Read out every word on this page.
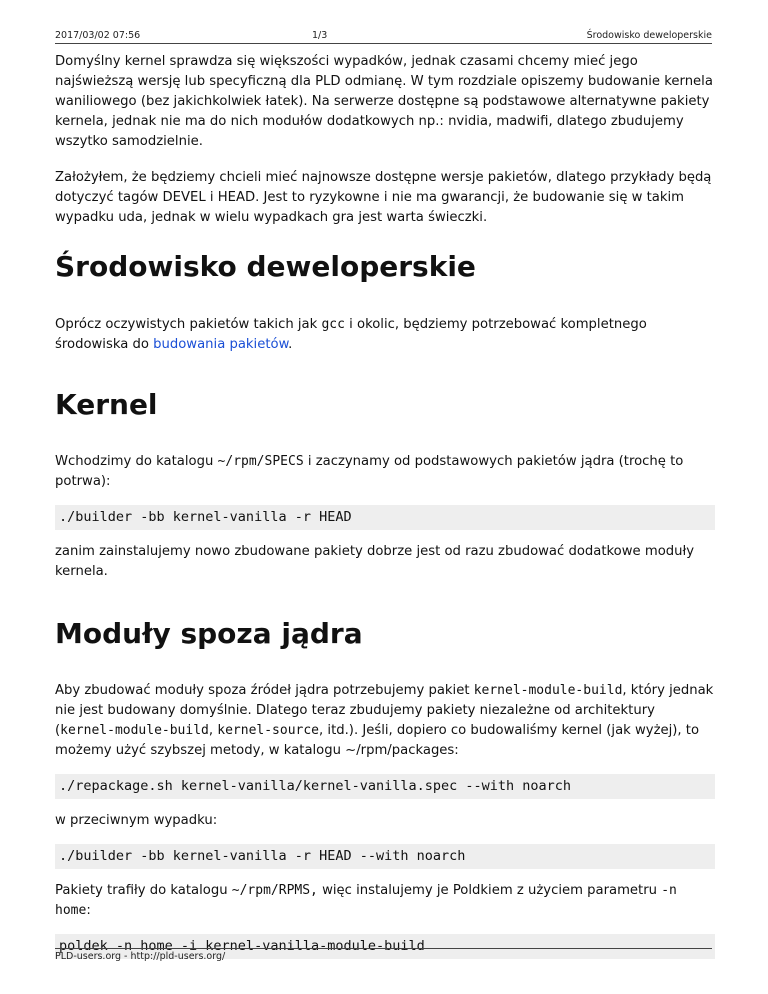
2017/03/02 07:56	1/3	Środowisko deweloperskie

Domyślny kernel sprawdza się większości wypadków, jednak czasami chcemy mieć jego najświeższą wersję lub specyficzną dla PLD odmianę. W tym rozdziale opiszemy budowanie kernela waniliowego (bez jakichkolwiek łatek). Na serwerze dostępne są podstawowe alternatywne pakiety kernela, jednak nie ma do nich modułów dodatkowych np.: nvidia, madwifi, dlatego zbudujemy wszytko samodzielnie.

Założyłem, że będziemy chcieli mieć najnowsze dostępne wersje pakietów, dlatego przykłady będą dotyczyć tagów DEVEL i HEAD. Jest to ryzykowne i nie ma gwarancji, że budowanie się w takim wypadku uda, jednak w wielu wypadkach gra jest warta świeczki.

Środowisko deweloperskie

Oprócz oczywistych pakietów takich jak gcc i okolic, będziemy potrzebować kompletnego środowiska do budowania pakietów.

Kernel

Wchodzimy do katalogu ~/rpm/SPECS i zaczynamy od podstawowych pakietów jądra (trochę to potrwa):

./builder -bb kernel-vanilla -r HEAD

zanim zainstalujemy nowo zbudowane pakiety dobrze jest od razu zbudować dodatkowe moduły kernela.

Moduły spoza jądra

Aby zbudować moduły spoza źródeł jądra potrzebujemy pakiet kernel-module-build, który jednak nie jest budowany domyślnie. Dlatego teraz zbudujemy pakiety niezależne od architektury (kernel-module-build, kernel-source, itd.). Jeśli, dopiero co budowaliśmy kernel (jak wyżej), to możemy użyć szybszej metody, w katalogu ~/rpm/packages:

./repackage.sh kernel-vanilla/kernel-vanilla.spec --with noarch

w przeciwnym wypadku:

./builder -bb kernel-vanilla -r HEAD --with noarch

Pakiety trafiły do katalogu ~/rpm/RPMS, więc instalujemy je Poldkiem z użyciem parametru -n home:

poldek -n home -i kernel-vanilla-module-build
PLD-users.org - http://pld-users.org/
